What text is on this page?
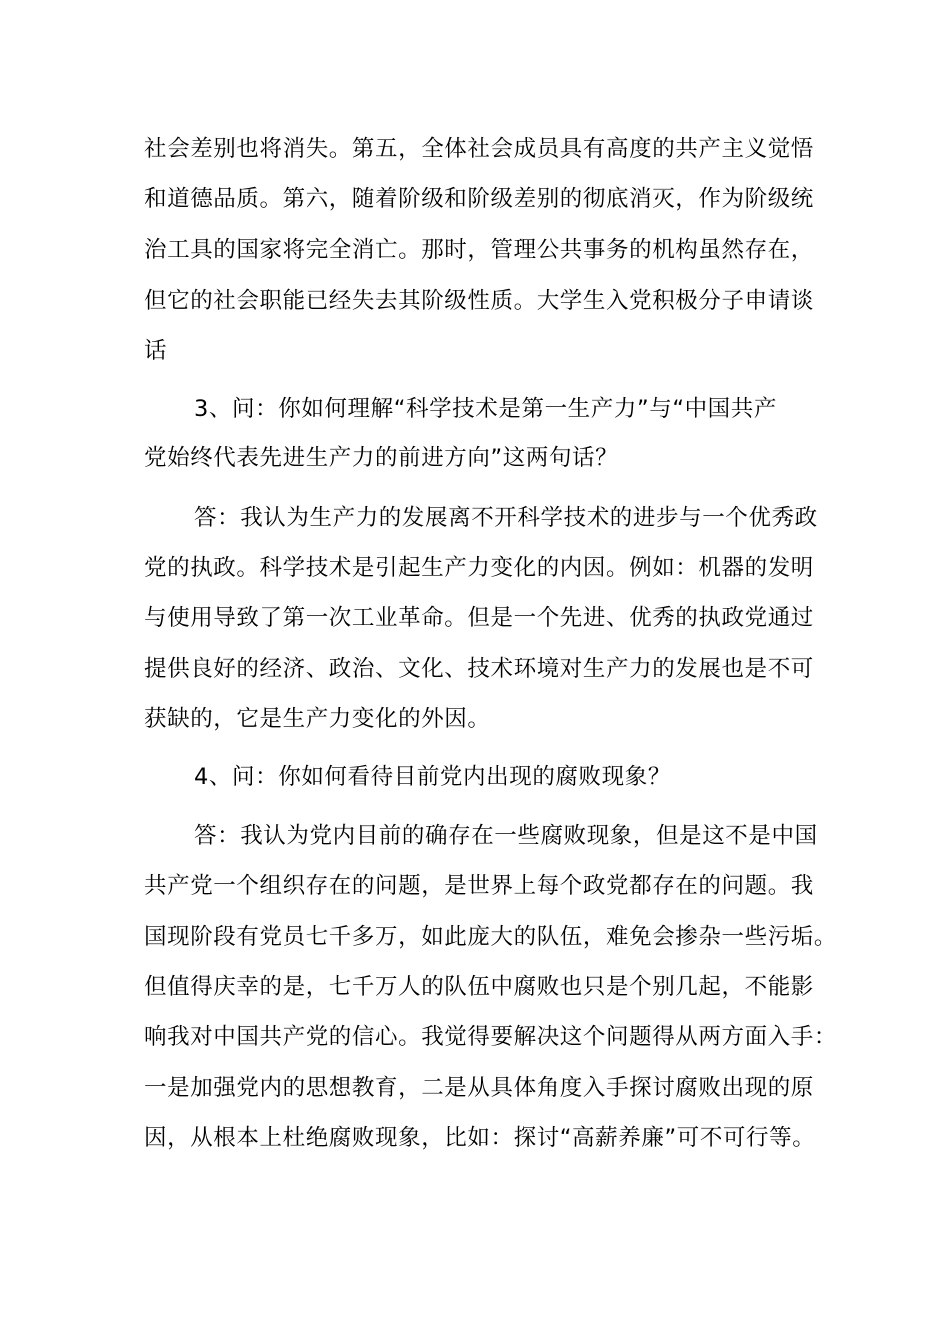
社会差别也将消失。第五，全体社会成员具有高度的共产主义觉悟
和道德品质。第六，随着阶级和阶级差别的彻底消灭，作为阶级统
治工具的国家将完全消亡。那时，管理公共事务的机构虽然存在，
但它的社会职能已经失去其阶级性质。大学生入党积极分子申请谈
话
3、问：你如何理解“科学技术是第一生产力”与“中国共产
党始终代表先进生产力的前进方向”这两句话？
答：我认为生产力的发展离不开科学技术的进步与一个优秀政
党的执政。科学技术是引起生产力变化的内因。例如：机器的发明
与使用导致了第一次工业革命。但是一个先进、优秀的执政党通过
提供良好的经济、政治、文化、技术环境对生产力的发展也是不可
获缺的，它是生产力变化的外因。
4、问：你如何看待目前党内出现的腐败现象？
答：我认为党内目前的确存在一些腐败现象，但是这不是中国
共产党一个组织存在的问题，是世界上每个政党都存在的问题。我
国现阶段有党员七千多万，如此庞大的队伍，难免会掺杂一些污垢。
但值得庆幸的是，七千万人的队伍中腐败也只是个别几起，不能影
响我对中国共产党的信心。我觉得要解决这个问题得从两方面入手：
一是加强党内的思想教育，二是从具体角度入手探讨腐败出现的原
因，从根本上杜绝腐败现象，比如：探讨“高薪养廉”可不可行等。
